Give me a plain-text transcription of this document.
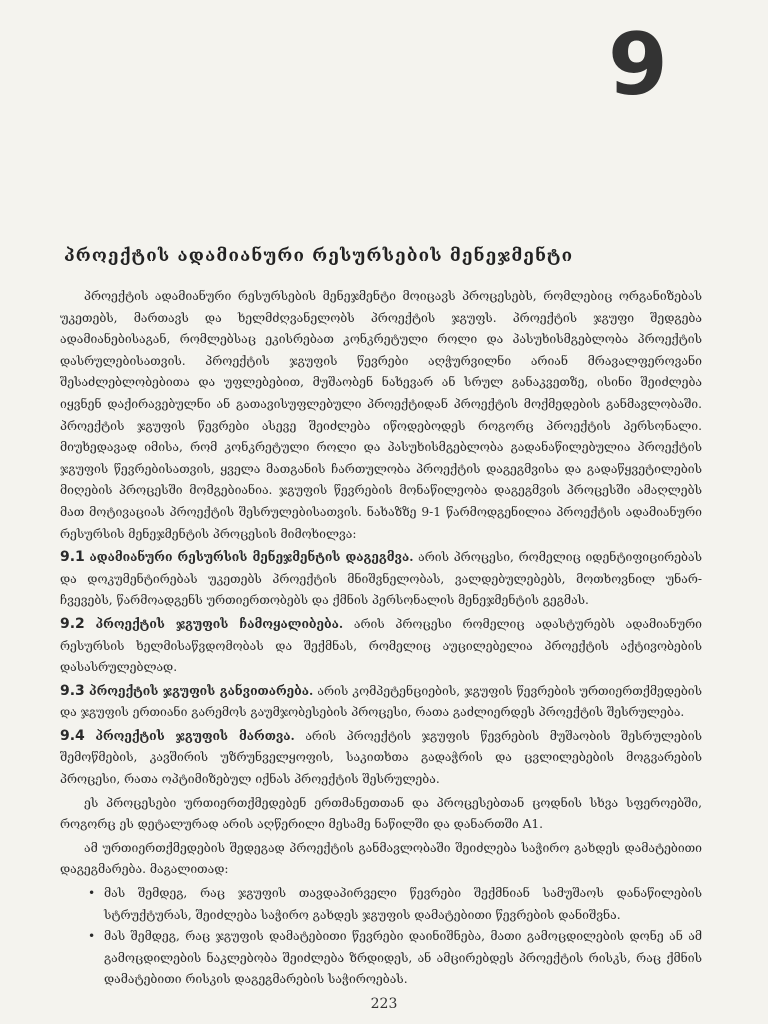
9
პროექტის ადამიანური რესურსების მენეჯმენტი

პროექტის ადამიანური რესურსების მენეჯმენტი მოიცავს პროცესებს, რომლებიც ორგანიზებას უკეთებს, მართავს და ხელმძღვანელობს პროექტის ჯგუფს. პროექტის ჯგუფი შედგება ადამიანებისაგან, რომლებსაც ეკისრებათ კონკრეტული როლი და პასუხისმგებლობა პროექტის დასრულებისათვის. პროექტის ჯგუფის წევრები აღჭურვილნი არიან მრავალფეროვანი შესაძლებლობებითა და უფლებებით, მუშაობენ ნახევარ ან სრულ განაკვეთზე, ისინი შეიძლება იყვნენ დაქირავებულნი ან გათავისუფლებული პროექტიდან პროექტის მოქმედების განმავლობაში. პროექტის ჯგუფის წევრები ასევე შეიძლება იწოდებოდეს როგორც პროექტის პერსონალი. მიუხედავად იმისა, რომ კონკრეტული როლი და პასუხისმგებლობა გადანაწილებულია პროექტის ჯგუფის წევრებისათვის, ყველა მათგანის ჩართულობა პროექტის დაგეგმვისა და გადაწყვეტილების მიღების პროცესში მომგებიანია. ჯგუფის წევრების მონაწილეობა დაგეგმვის პროცესში ამაღლებს მათ მოტივაციას პროექტის შესრულებისათვის. ნახაზზე 9-1 წარმოდგენილია პროექტის ადამიანური რესურსის მენეჯმენტის პროცესის მიმოხილვა:

9.1 ადამიანური რესურსის მენეჯმენტის დაგეგმვა. არის პროცესი, რომელიც იდენტიფიცირებას და დოკუმენტირებას უკეთებს პროექტის მნიშვნელობას, ვალდებულებებს, მოთხოვნილ უნარ-ჩვევებს, წარმოადგენს ურთიერთობებს და ქმნის პერსონალის მენეჯმენტის გეგმას.

9.2 პროექტის ჯგუფის ჩამოყალიბება. არის პროცესი რომელიც ადასტურებს ადამიანური რესურსის ხელმისაწვდომობას და შექმნას, რომელიც აუცილებელია პროექტის აქტივობების დასასრულებლად.

9.3 პროექტის ჯგუფის განვითარება. არის კომპეტენციების, ჯგუფის წევრების ურთიერთქმედების და ჯგუფის ერთიანი გარემოს გაუმჯობესების პროცესი, რათა გაძლიერდეს პროექტის შესრულება.

9.4 პროექტის ჯგუფის მართვა. არის პროექტის ჯგუფის წევრების მუშაობის შესრულების შემოწმების, კავშირის უზრუნველყოფის, საკითხთა გადაჭრის და ცვლილებების მოგვარების პროცესი, რათა ოპტიმიზებულ იქნას პროექტის შესრულება.

ეს პროცესები ურთიერთქმედებენ ერთმანეთთან და პროცესებთან ცოდნის სხვა სფეროებში, როგორც ეს დეტალურად არის აღწერილი მესამე ნაწილში და დანართში A1.

ამ ურთიერთქმედების შედეგად პროექტის განმავლობაში შეიძლება საჭირო გახდეს დამატებითი დაგეგმარება. მაგალითად:

• მას შემდეგ, რაც ჯგუფის თავდაპირველი წევრები შექმნიან სამუშაოს დანაწილების სტრუქტურას, შეიძლება საჭირო გახდეს ჯგუფის დამატებითი წევრების დანიშვნა.
• მას შემდეგ, რაც ჯგუფის დამატებითი წევრები დაინიშნება, მათი გამოცდილების დონე ან ამ გამოცდილების ნაკლებობა შეიძლება ზრდიდეს, ან ამცირებდეს პროექტის რისკს, რაც ქმნის დამატებითი რისკის დაგეგმარების საჭიროებას.
223
